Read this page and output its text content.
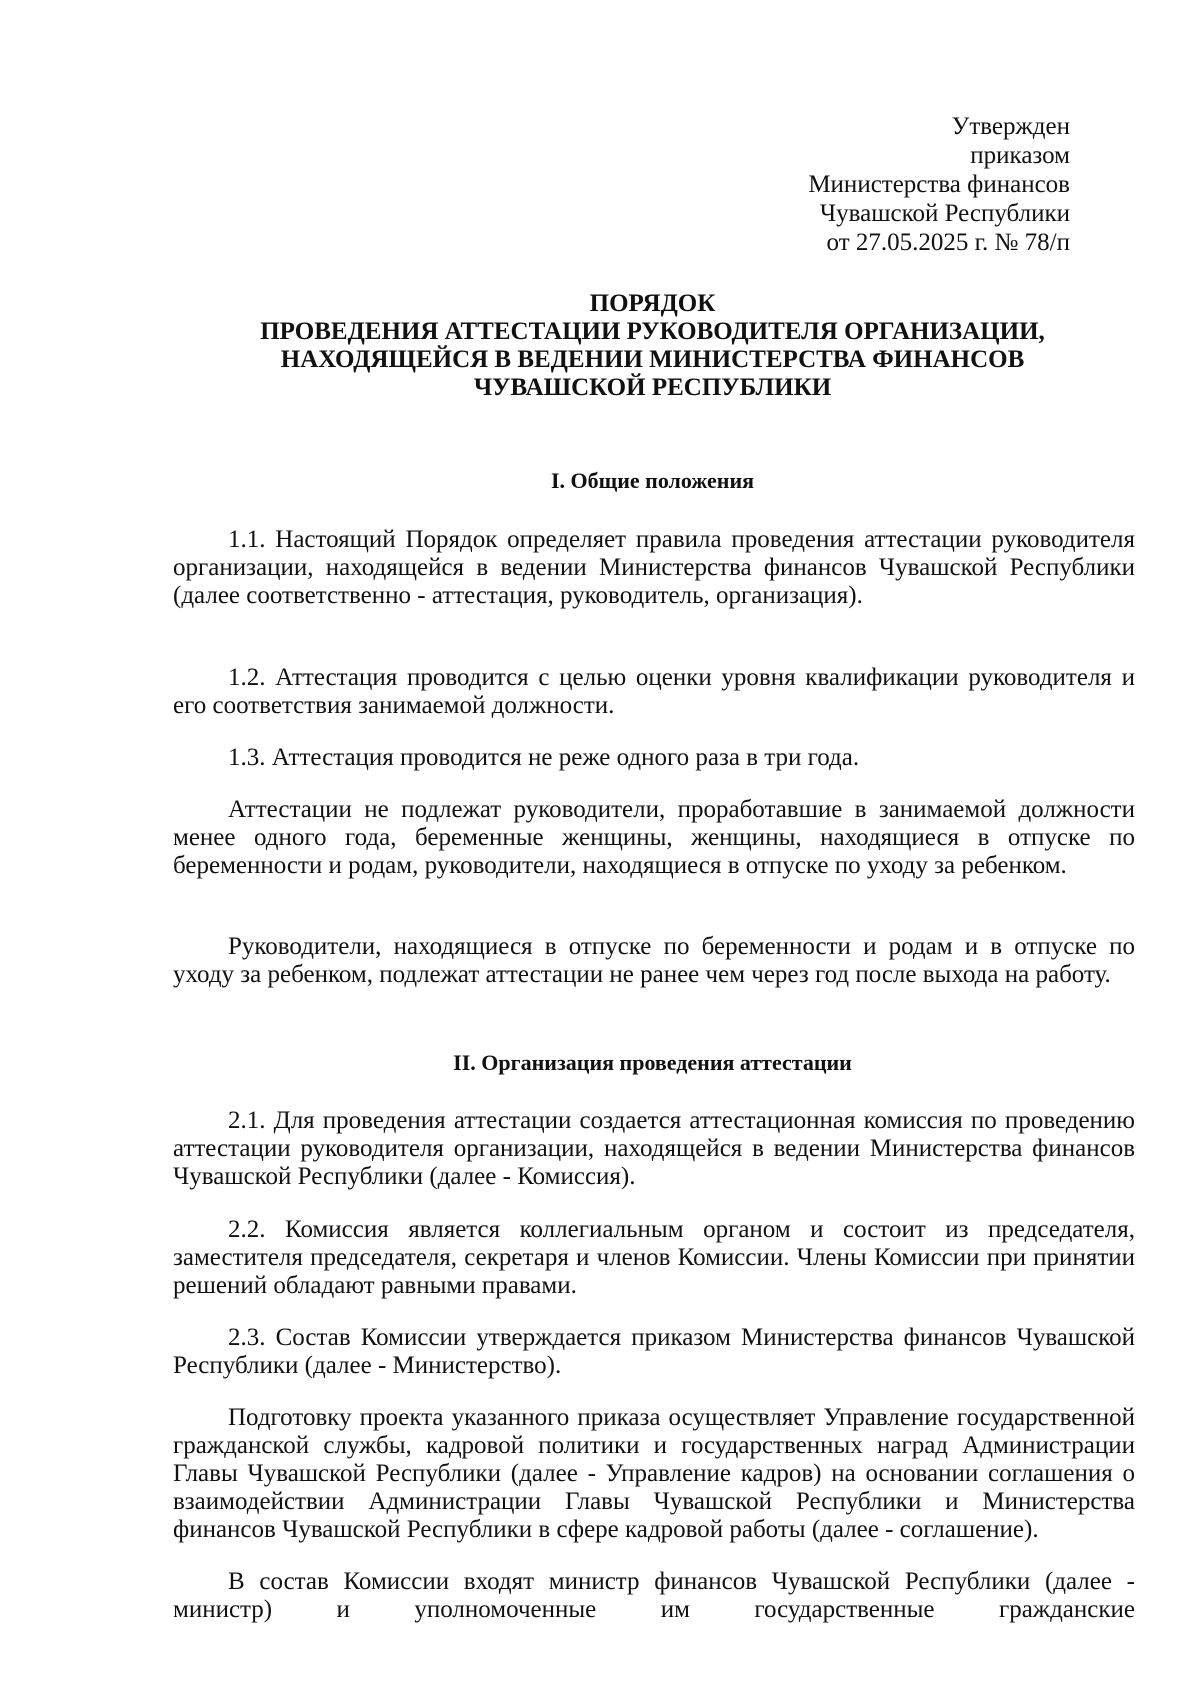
Утвержден
приказом
Министерства финансов
Чувашской Республики
от 27.05.2025 г. № 78/п
ПОРЯДОК
ПРОВЕДЕНИЯ АТТЕСТАЦИИ РУКОВОДИТЕЛЯ ОРГАНИЗАЦИИ,
НАХОДЯЩЕЙСЯ В ВЕДЕНИИ МИНИСТЕРСТВА ФИНАНСОВ
ЧУВАШСКОЙ РЕСПУБЛИКИ
I. Общие положения
1.1. Настоящий Порядок определяет правила проведения аттестации руководителя организации, находящейся в ведении Министерства финансов Чувашской Республики (далее соответственно - аттестация, руководитель, организация).
1.2. Аттестация проводится с целью оценки уровня квалификации руководителя и его соответствия занимаемой должности.
1.3. Аттестация проводится не реже одного раза в три года.
Аттестации не подлежат руководители, проработавшие в занимаемой должности менее одного года, беременные женщины, женщины, находящиеся в отпуске по беременности и родам, руководители, находящиеся в отпуске по уходу за ребенком.
Руководители, находящиеся в отпуске по беременности и родам и в отпуске по уходу за ребенком, подлежат аттестации не ранее чем через год после выхода на работу.
II. Организация проведения аттестации
2.1. Для проведения аттестации создается аттестационная комиссия по проведению аттестации руководителя организации, находящейся в ведении Министерства финансов Чувашской Республики (далее - Комиссия).
2.2. Комиссия является коллегиальным органом и состоит из председателя, заместителя председателя, секретаря и членов Комиссии. Члены Комиссии при принятии решений обладают равными правами.
2.3. Состав Комиссии утверждается приказом Министерства финансов Чувашской Республики (далее - Министерство).
Подготовку проекта указанного приказа осуществляет Управление государственной гражданской службы, кадровой политики и государственных наград Администрации Главы Чувашской Республики (далее - Управление кадров) на основании соглашения о взаимодействии Администрации Главы Чувашской Республики и Министерства финансов Чувашской Республики в сфере кадровой работы (далее - соглашение).
В состав Комиссии входят министр финансов Чувашской Республики (далее - министр) и уполномоченные им государственные гражданские
